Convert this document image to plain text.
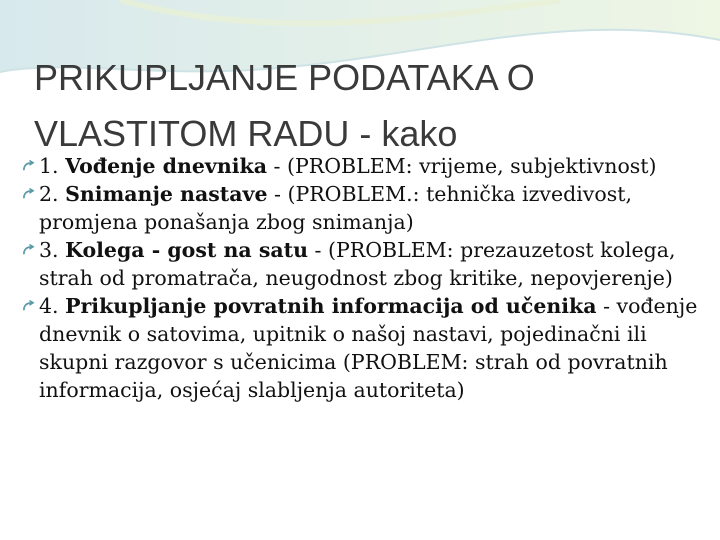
PRIKUPLJANJE PODATAKA O
VLASTITOM RADU - kako

1. Vođenje dnevnika - (PROBLEM: vrijeme, subjektivnost)

2. Snimanje nastave - (PROBLEM.: tehnička izvedivost, promjena ponašanja zbog snimanja)

3. Kolega - gost na satu - (PROBLEM: prezauzetost kolega, strah od promatrača, neugodnost zbog kritike, nepovjerenje)

4. Prikupljanje povratnih informacija od učenika - vođenje dnevnik o satovima, upitnik o našoj nastavi, pojedinačni ili skupni razgovor s učenicima (PROBLEM: strah od povratnih informacija, osjećaj slabljenja autoriteta)
